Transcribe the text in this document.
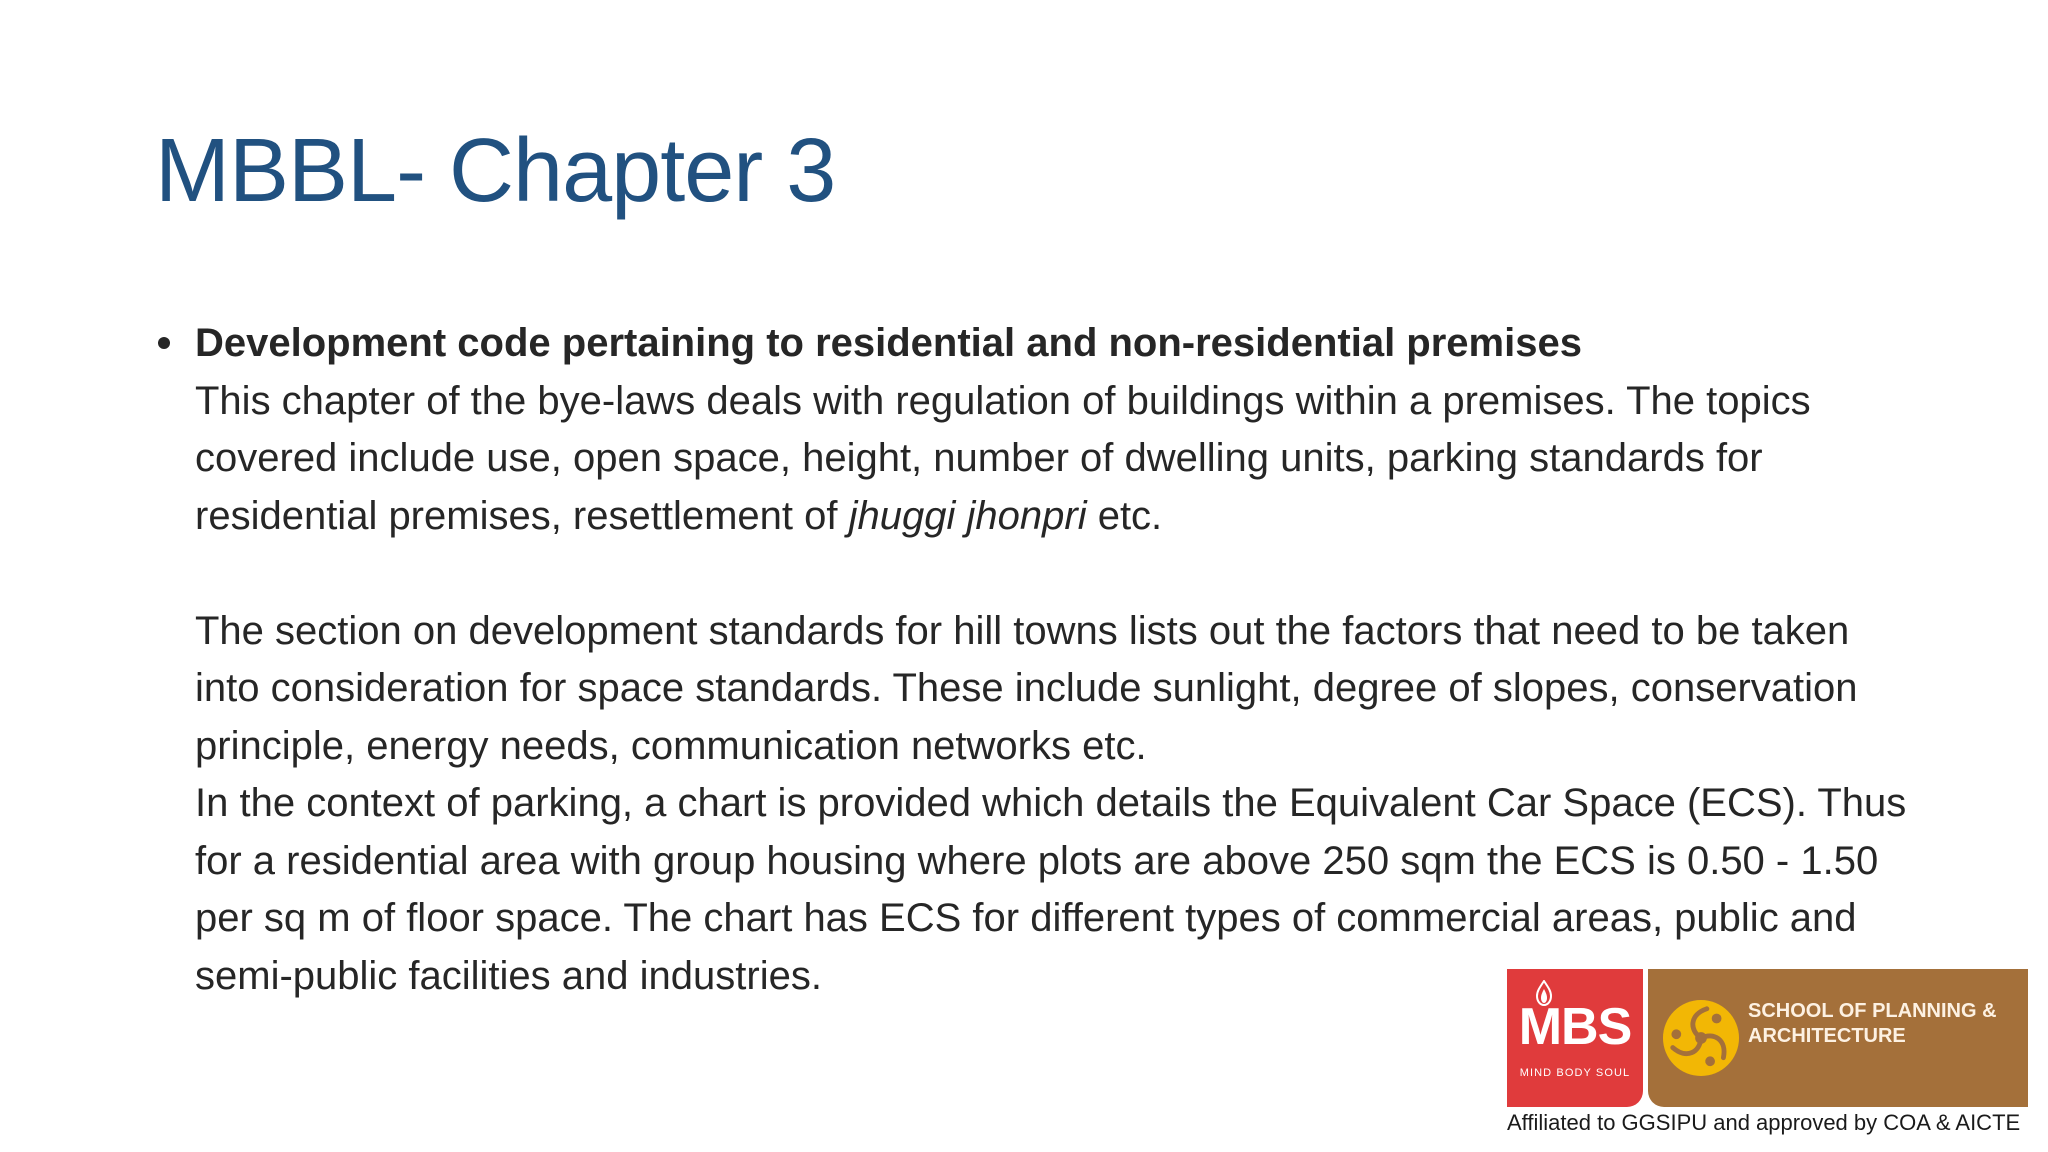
MBBL- Chapter 3
Development code pertaining to residential and non-residential premises
This chapter of the bye-laws deals with regulation of buildings within a premises. The topics
covered include use, open space, height, number of dwelling units, parking standards for
residential premises, resettlement of jhuggi jhonpri etc.
The section on development standards for hill towns lists out the factors that need to be taken
into consideration for space standards. These include sunlight, degree of slopes, conservation
principle, energy needs, communication networks etc.
In the context of parking, a chart is provided which details the Equivalent Car Space (ECS). Thus
for a residential area with group housing where plots are above 250 sqm the ECS is 0.50 - 1.50
per sq m of floor space. The chart has ECS for different types of commercial areas, public and
semi-public facilities and industries.
MBS
MIND BODY SOUL
SCHOOL OF PLANNING &
ARCHITECTURE
Affiliated to GGSIPU and approved by COA & AICTE
